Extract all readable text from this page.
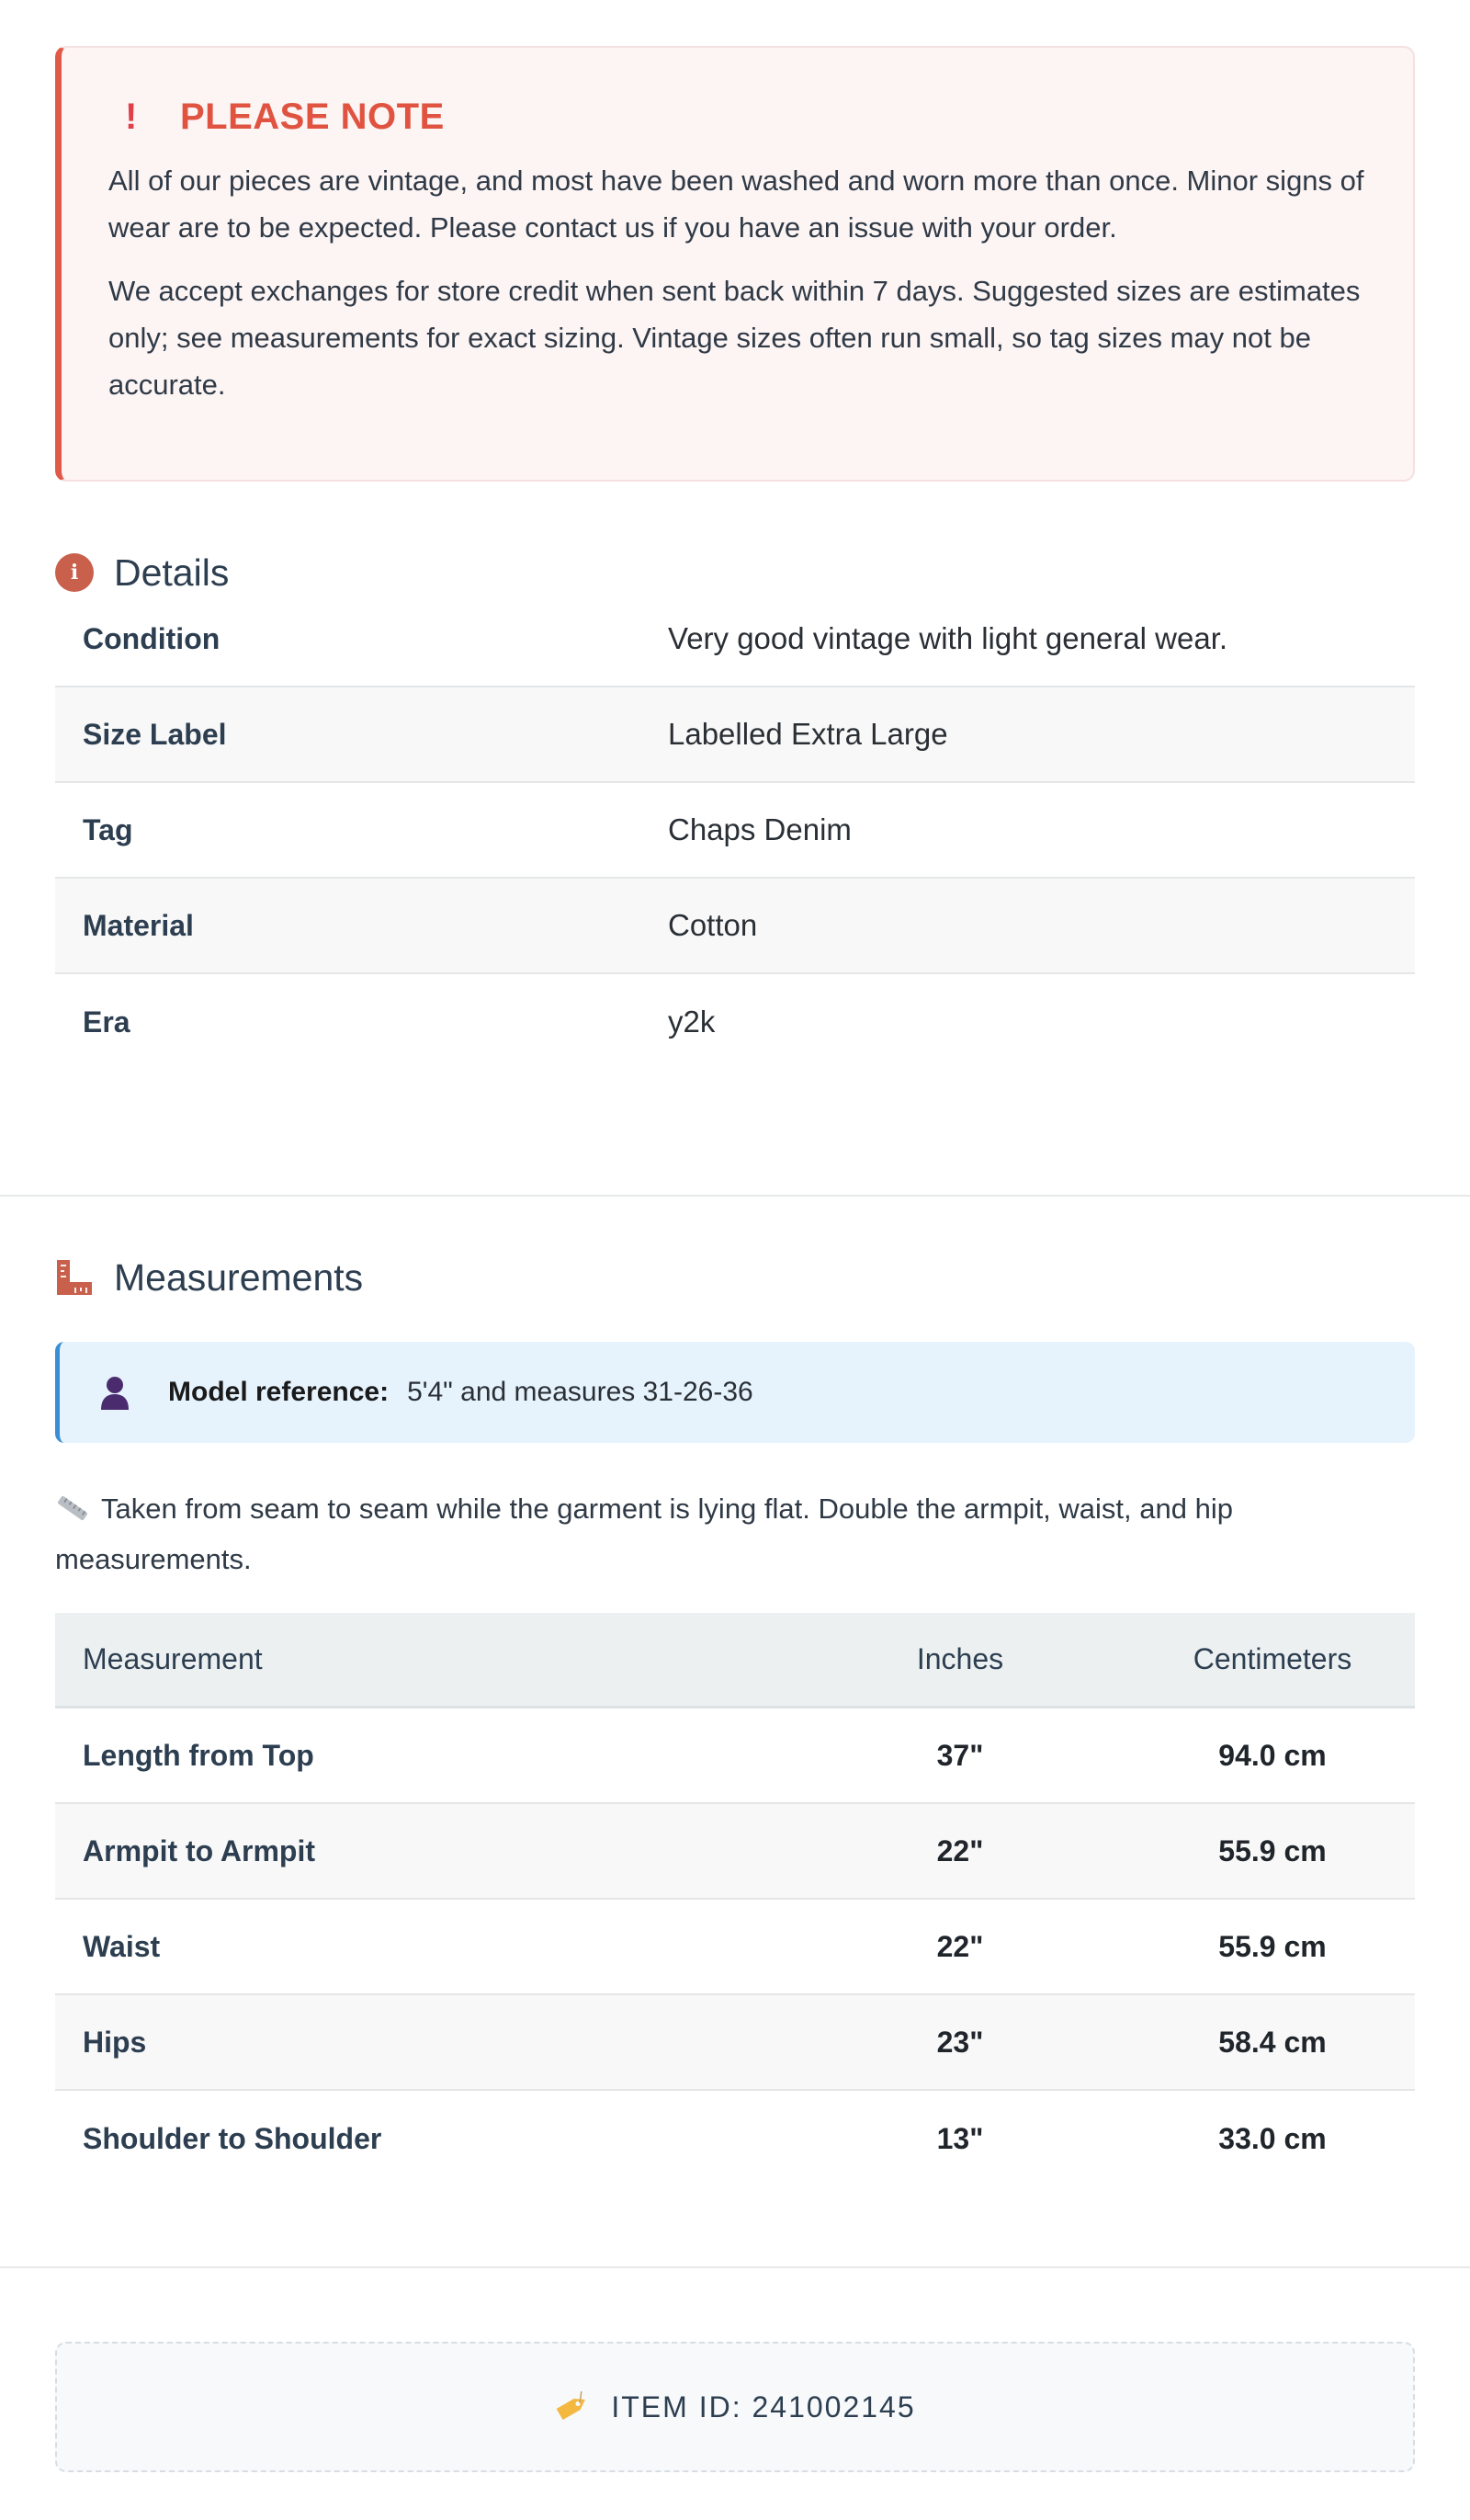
! PLEASE NOTE

All of our pieces are vintage, and most have been washed and worn more than once. Minor signs of wear are to be expected. Please contact us if you have an issue with your order.

We accept exchanges for store credit when sent back within 7 days. Suggested sizes are estimates only; see measurements for exact sizing. Vintage sizes often run small, so tag sizes may not be accurate.

i Details
Condition	Very good vintage with light general wear.
Size Label	Labelled Extra Large
Tag	Chaps Denim
Material	Cotton
Era	y2k
Measurements
Model reference: 5'4" and measures 31-26-36

Taken from seam to seam while the garment is lying flat. Double the armpit, waist, and hip measurements.

Measurement	Inches	Centimeters
Length from Top	37"	94.0 cm
Armpit to Armpit	22"	55.9 cm
Waist	22"	55.9 cm
Hips	23"	58.4 cm
Shoulder to Shoulder	13"	33.0 cm
ITEM ID: 241002145
